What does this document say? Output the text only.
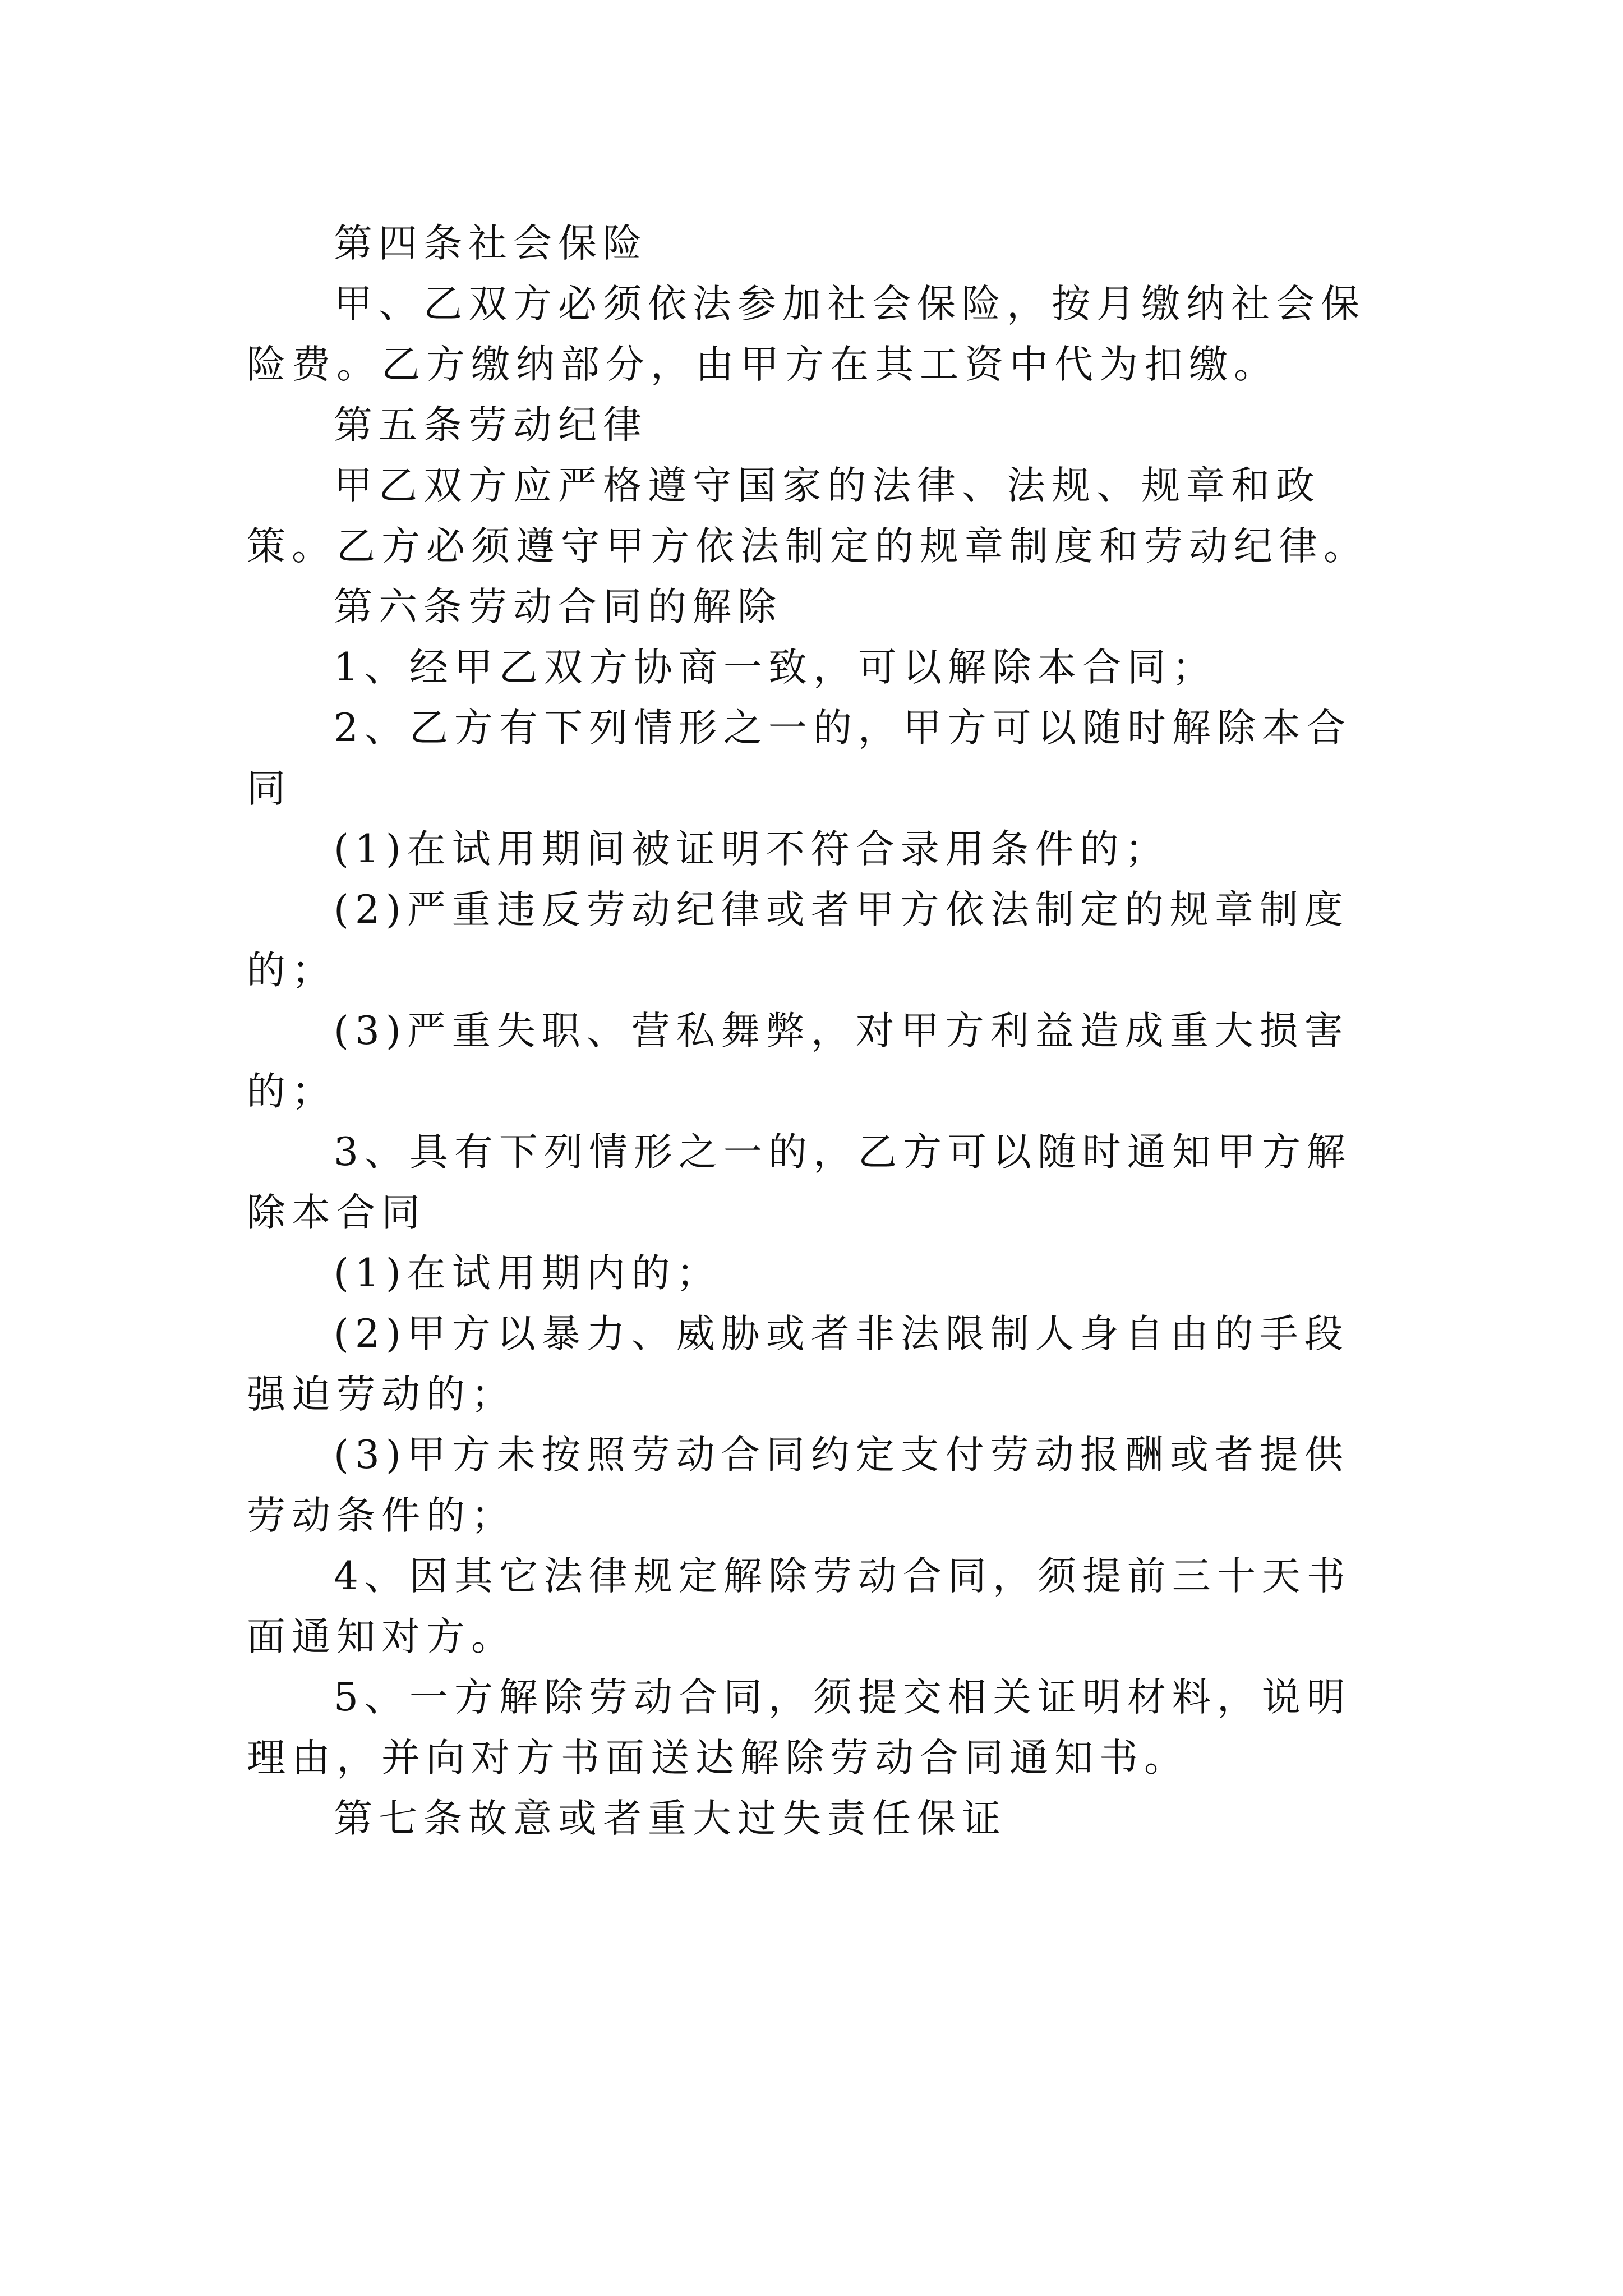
第四条社会保险

甲、乙双方必须依法参加社会保险，按月缴纳社会保险费。乙方缴纳部分，由甲方在其工资中代为扣缴。

第五条劳动纪律

甲乙双方应严格遵守国家的法律、法规、规章和政策。乙方必须遵守甲方依法制定的规章制度和劳动纪律。

第六条劳动合同的解除

1、经甲乙双方协商一致，可以解除本合同；

2、乙方有下列情形之一的，甲方可以随时解除本合同

(1)在试用期间被证明不符合录用条件的；

(2)严重违反劳动纪律或者甲方依法制定的规章制度的；

(3)严重失职、营私舞弊，对甲方利益造成重大损害的；

3、具有下列情形之一的，乙方可以随时通知甲方解除本合同

(1)在试用期内的；

(2)甲方以暴力、威胁或者非法限制人身自由的手段强迫劳动的；

(3)甲方未按照劳动合同约定支付劳动报酬或者提供劳动条件的；

4、因其它法律规定解除劳动合同，须提前三十天书面通知对方。

5、一方解除劳动合同，须提交相关证明材料，说明理由，并向对方书面送达解除劳动合同通知书。

第七条故意或者重大过失责任保证
